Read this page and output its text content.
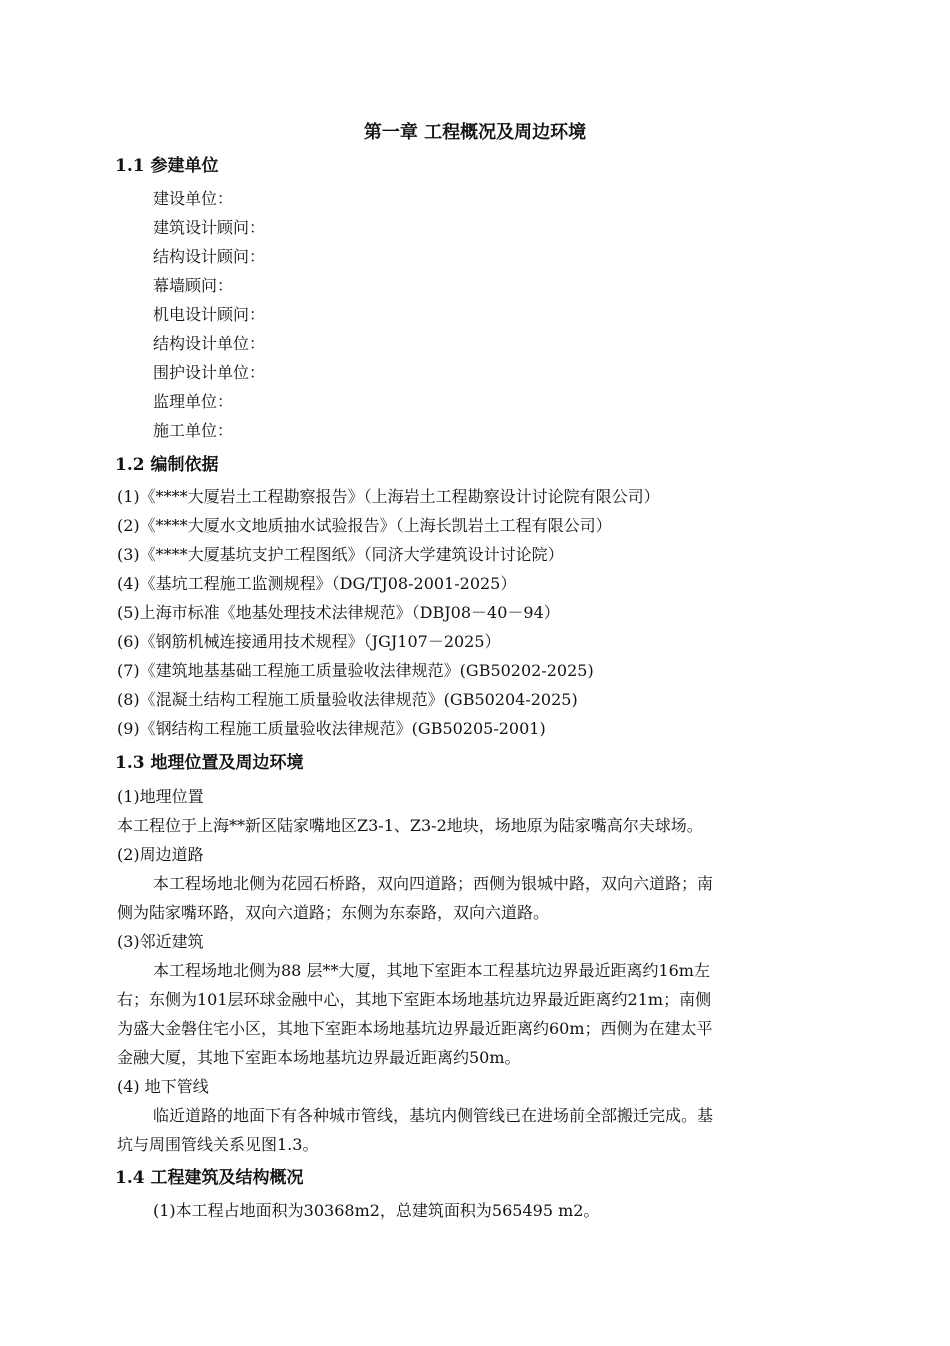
第一章 工程概况及周边环境
1.1 参建单位
建设单位：
建筑设计顾问：
结构设计顾问：
幕墙顾问：
机电设计顾问：
结构设计单位：
围护设计单位：
监理单位：
施工单位：
1.2 编制依据
(1)《****大厦岩土工程勘察报告》（上海岩土工程勘察设计讨论院有限公司）
(2)《****大厦水文地质抽水试验报告》（上海长凯岩土工程有限公司）
(3)《****大厦基坑支护工程图纸》（同济大学建筑设计讨论院）
(4)《基坑工程施工监测规程》（DG/TJ08-2001-2025）
(5)上海市标准《地基处理技术法律规范》（DBJ08－40－94）
(6)《钢筋机械连接通用技术规程》（JGJ107－2025）
(7)《建筑地基基础工程施工质量验收法律规范》(GB50202-2025)
(8)《混凝土结构工程施工质量验收法律规范》(GB50204-2025)
(9)《钢结构工程施工质量验收法律规范》(GB50205-2001)
1.3 地理位置及周边环境
(1)地理位置
本工程位于上海**新区陆家嘴地区Z3-1、Z3-2地块，场地原为陆家嘴高尔夫球场。
(2)周边道路
本工程场地北侧为花园石桥路，双向四道路；西侧为银城中路，双向六道路；南
侧为陆家嘴环路，双向六道路；东侧为东泰路，双向六道路。
(3)邻近建筑
本工程场地北侧为88 层**大厦，其地下室距本工程基坑边界最近距离约16m左
右；东侧为101层环球金融中心，其地下室距本场地基坑边界最近距离约21m；南侧
为盛大金磐住宅小区，其地下室距本场地基坑边界最近距离约60m；西侧为在建太平
金融大厦，其地下室距本场地基坑边界最近距离约50m。
(4) 地下管线
临近道路的地面下有各种城市管线，基坑内侧管线已在进场前全部搬迁完成。基
坑与周围管线关系见图1.3。
1.4 工程建筑及结构概况
(1)本工程占地面积为30368m2，总建筑面积为565495 m2。
